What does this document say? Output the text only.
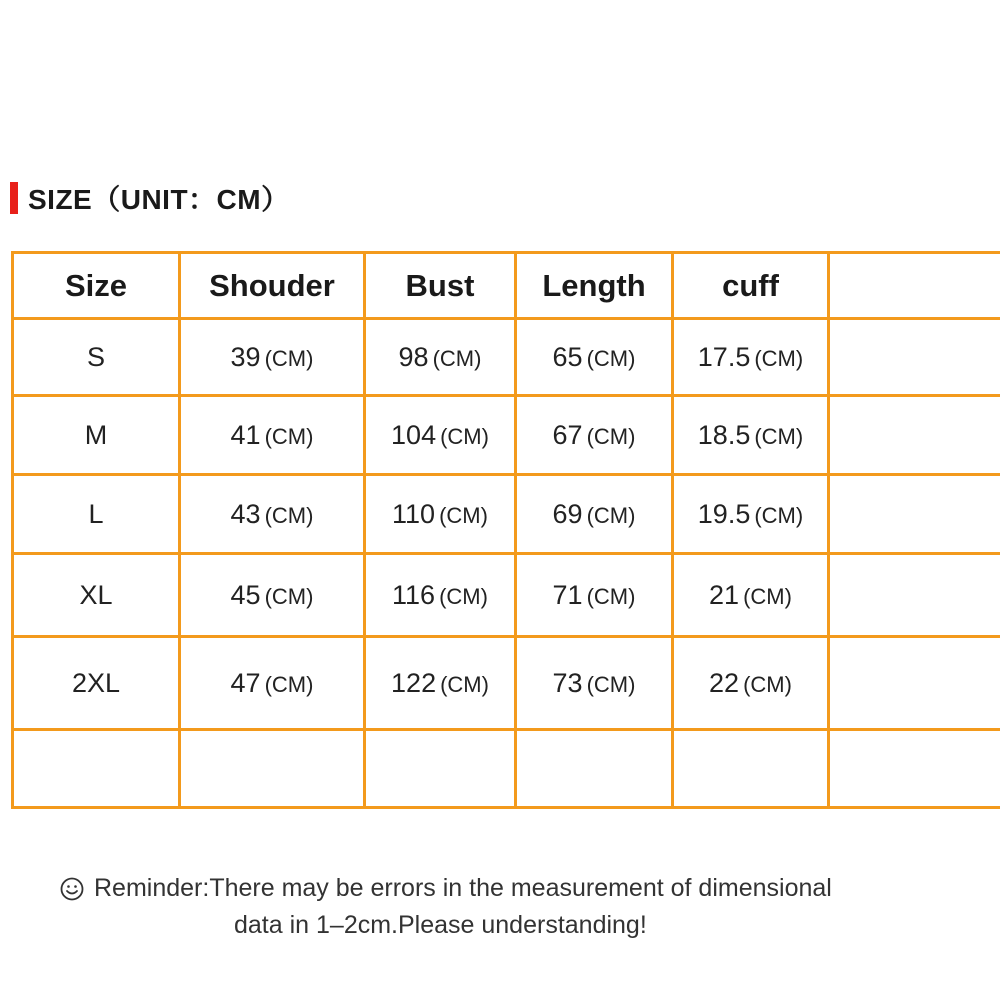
SIZE（UNIT：CM）
Size	Shouder	Bust	Length	cuff	
S	39 (CM)	98 (CM)	65 (CM)	17.5 (CM)	
M	41 (CM)	104 (CM)	67 (CM)	18.5 (CM)	
L	43 (CM)	110 (CM)	69 (CM)	19.5 (CM)	
XL	45 (CM)	116 (CM)	71 (CM)	21 (CM)	
2XL	47 (CM)	122 (CM)	73 (CM)	22 (CM)	

Reminder:There may be errors in the measurement of dimensional
data in 1–2cm.Please understanding!
